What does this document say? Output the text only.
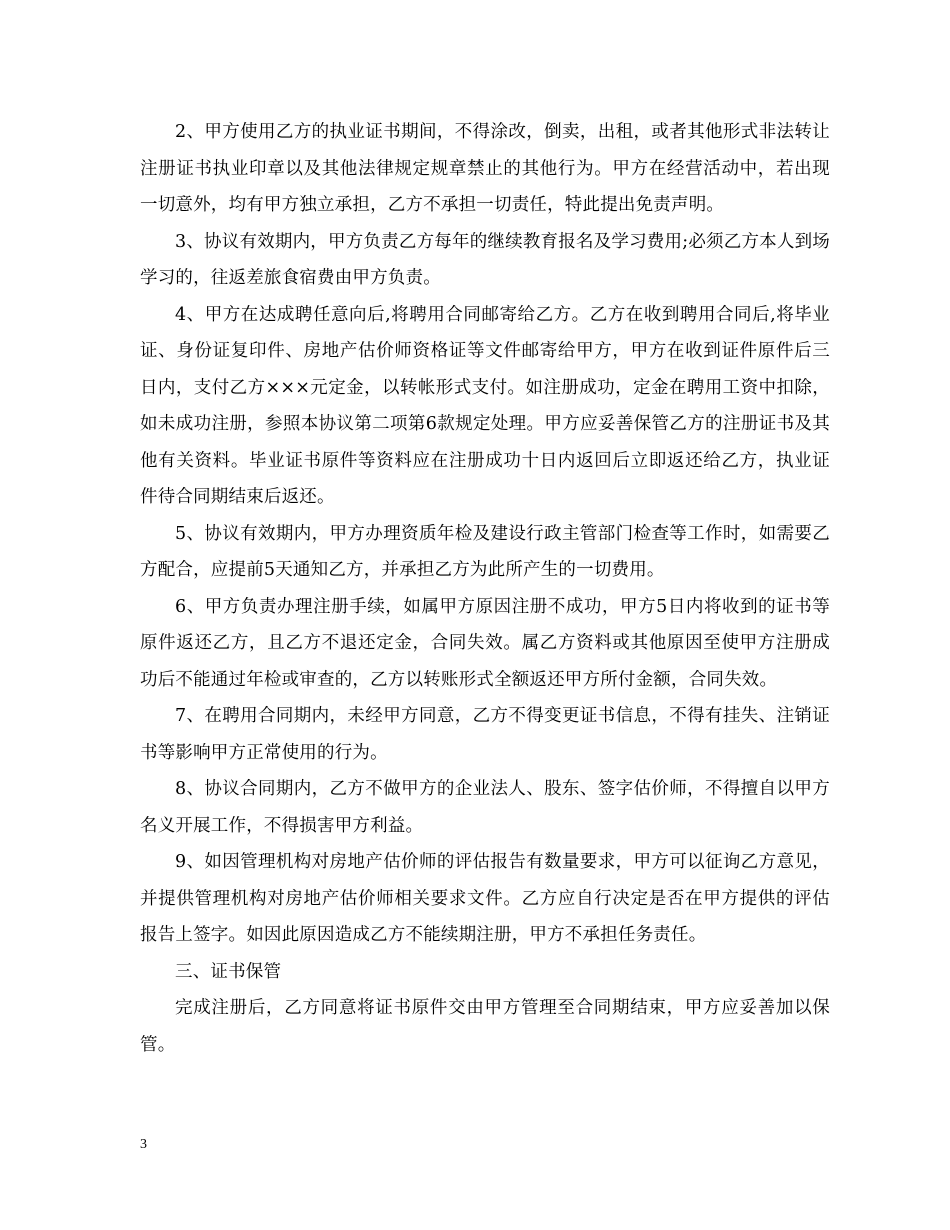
2、甲方使用乙方的执业证书期间，不得涂改，倒卖，出租，或者其他形式非法转让注册证书执业印章以及其他法律规定规章禁止的其他行为。甲方在经营活动中，若出现一切意外，均有甲方独立承担，乙方不承担一切责任，特此提出免责声明。

3、协议有效期内，甲方负责乙方每年的继续教育报名及学习费用;必须乙方本人到场学习的，往返差旅食宿费由甲方负责。

4、甲方在达成聘任意向后,将聘用合同邮寄给乙方。乙方在收到聘用合同后,将毕业证、身份证复印件、房地产估价师资格证等文件邮寄给甲方，甲方在收到证件原件后三日内，支付乙方×××元定金，以转帐形式支付。如注册成功，定金在聘用工资中扣除，如未成功注册，参照本协议第二项第6款规定处理。甲方应妥善保管乙方的注册证书及其他有关资料。毕业证书原件等资料应在注册成功十日内返回后立即返还给乙方，执业证件待合同期结束后返还。

5、协议有效期内，甲方办理资质年检及建设行政主管部门检查等工作时，如需要乙方配合，应提前5天通知乙方，并承担乙方为此所产生的一切费用。

6、甲方负责办理注册手续，如属甲方原因注册不成功，甲方5日内将收到的证书等原件返还乙方，且乙方不退还定金，合同失效。属乙方资料或其他原因至使甲方注册成功后不能通过年检或审查的，乙方以转账形式全额返还甲方所付金额，合同失效。

7、在聘用合同期内，未经甲方同意，乙方不得变更证书信息，不得有挂失、注销证书等影响甲方正常使用的行为。

8、协议合同期内，乙方不做甲方的企业法人、股东、签字估价师，不得擅自以甲方名义开展工作，不得损害甲方利益。

9、如因管理机构对房地产估价师的评估报告有数量要求，甲方可以征询乙方意见，并提供管理机构对房地产估价师相关要求文件。乙方应自行决定是否在甲方提供的评估报告上签字。如因此原因造成乙方不能续期注册，甲方不承担任务责任。

三、证书保管

完成注册后，乙方同意将证书原件交由甲方管理至合同期结束，甲方应妥善加以保管。

3
